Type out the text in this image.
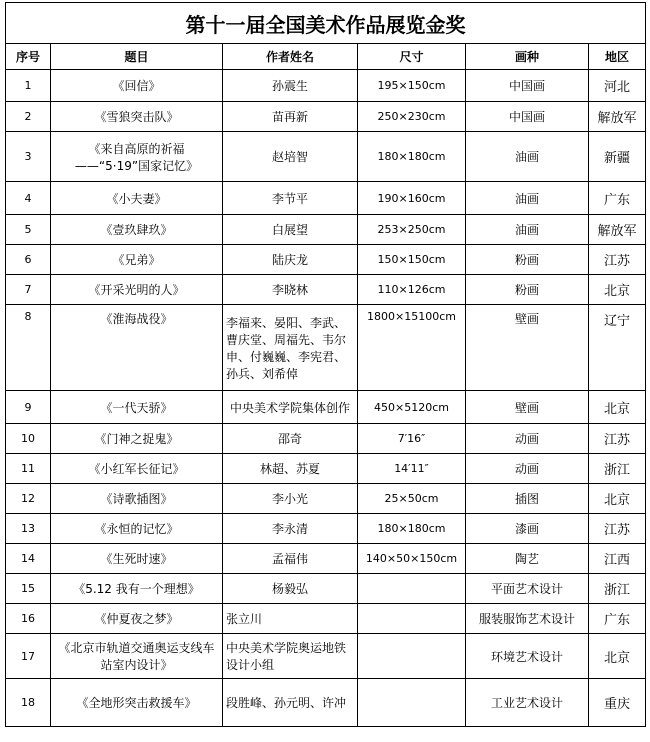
第十一届全国美术作品展览金奖					
序号	题目	作者姓名	尺寸	画种	地区
1	《回信》	孙震生	195×150cm	中国画	河北
2	《雪狼突击队》	苗再新	250×230cm	中国画	解放军
3	《来自高原的祈福——“5·19”国家记忆》	赵培智	180×180cm	油画	新疆
4	《小夫妻》	李节平	190×160cm	油画	广东
5	《壹玖肆玖》	白展望	253×250cm	油画	解放军
6	《兄弟》	陆庆龙	150×150cm	粉画	江苏
7	《开采光明的人》	李晓林	110×126cm	粉画	北京
8	《淮海战役》	李福来、晏阳、李武、曹庆堂、周福先、韦尔申、付巍巍、李宪君、孙兵、刘希倬	1800×15100cm	壁画	辽宁
9	《一代天骄》	中央美术学院集体创作	450×5120cm	壁画	北京
10	《门神之捉鬼》	邵奇	7′16″	动画	江苏
11	《小红军长征记》	林超、苏夏	14′11″	动画	浙江
12	《诗歌插图》	李小光	25×50cm	插图	北京
13	《永恒的记忆》	李永清	180×180cm	漆画	江苏
14	《生死时速》	孟福伟	140×50×150cm	陶艺	江西
15	《5.12 我有一个理想》	杨毅弘		平面艺术设计	浙江
16	《仲夏夜之梦》	张立川		服装服饰艺术设计	广东
17	《北京市轨道交通奥运支线车站室内设计》	中央美术学院奥运地铁设计小组		环境艺术设计	北京
18	《全地形突击救援车》	段胜峰、孙元明、许冲		工业艺术设计	重庆
